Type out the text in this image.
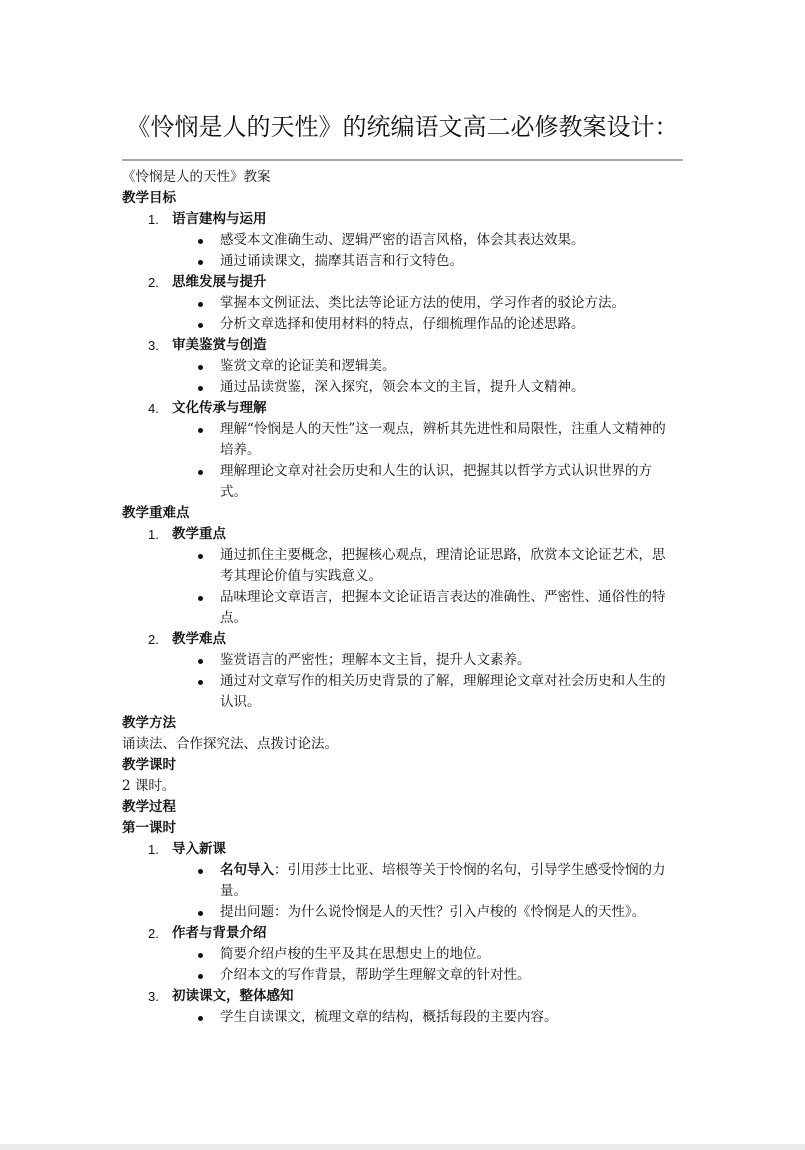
《怜悯是人的天性》的统编语文高二必修教案设计：
《怜悯是人的天性》教案
教学目标
1. 语言建构与运用
感受本文准确生动、逻辑严密的语言风格，体会其表达效果。
通过诵读课文，揣摩其语言和行文特色。
2. 思维发展与提升
掌握本文例证法、类比法等论证方法的使用，学习作者的驳论方法。
分析文章选择和使用材料的特点，仔细梳理作品的论述思路。
3. 审美鉴赏与创造
鉴赏文章的论证美和逻辑美。
通过品读赏鉴，深入探究，领会本文的主旨，提升人文精神。
4. 文化传承与理解
理解“怜悯是人的天性”这一观点，辨析其先进性和局限性，注重人文精神的培养。
理解理论文章对社会历史和人生的认识，把握其以哲学方式认识世界的方式。
教学重难点
1. 教学重点
通过抓住主要概念，把握核心观点，理清论证思路，欣赏本文论证艺术，思考其理论价值与实践意义。
品味理论文章语言，把握本文论证语言表达的准确性、严密性、通俗性的特点。
2. 教学难点
鉴赏语言的严密性；理解本文主旨，提升人文素养。
通过对文章写作的相关历史背景的了解，理解理论文章对社会历史和人生的认识。
教学方法
诵读法、合作探究法、点拨讨论法。
教学课时
2 课时。
教学过程
第一课时
1. 导入新课
名句导入：引用莎士比亚、培根等关于怜悯的名句，引导学生感受怜悯的力量。
提出问题：为什么说怜悯是人的天性？引入卢梭的《怜悯是人的天性》。
2. 作者与背景介绍
简要介绍卢梭的生平及其在思想史上的地位。
介绍本文的写作背景，帮助学生理解文章的针对性。
3. 初读课文，整体感知
学生自读课文，梳理文章的结构，概括每段的主要内容。
